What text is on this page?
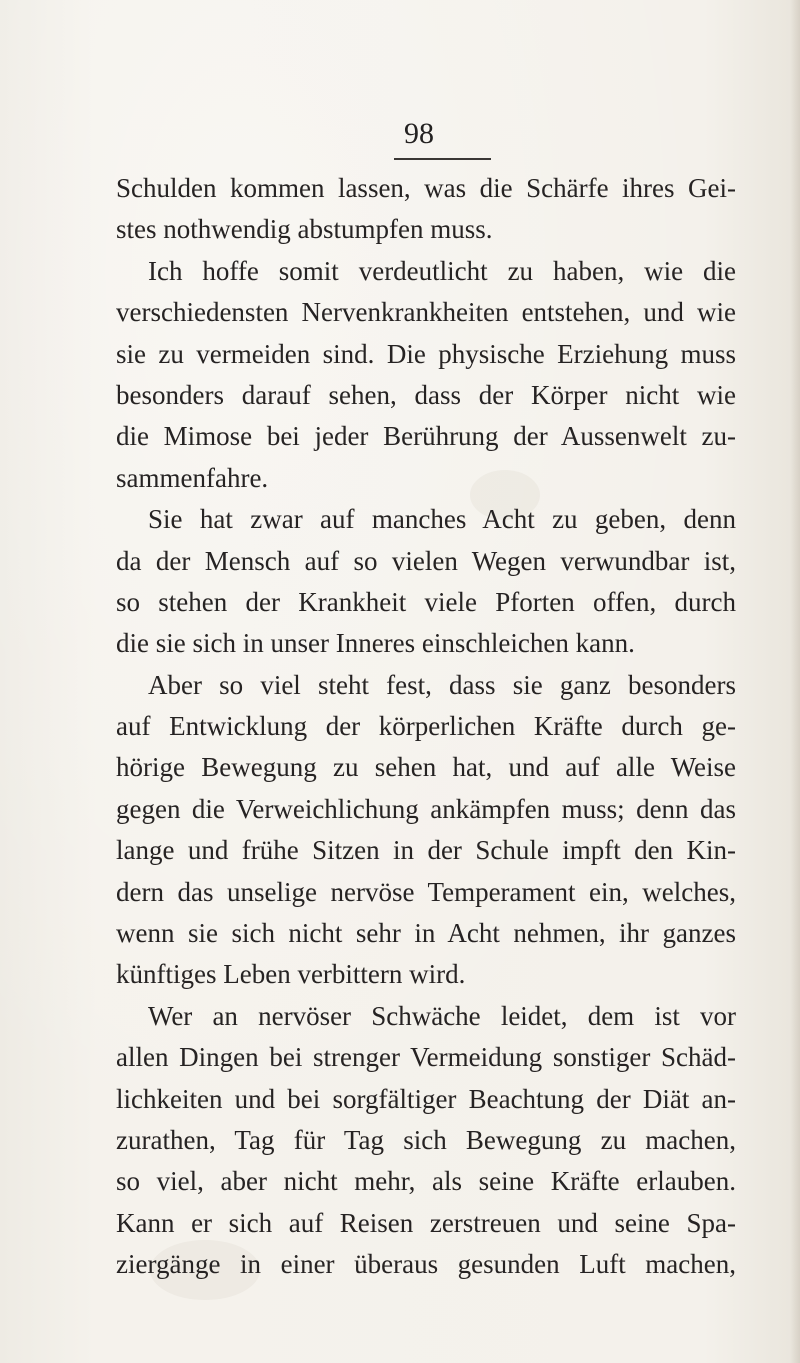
98
Schulden kommen lassen, was die Schärfe ihres Gei-
stes nothwendig abstumpfen muss.
Ich hoffe somit verdeutlicht zu haben, wie die
verschiedensten Nervenkrankheiten entstehen, und wie
sie zu vermeiden sind. Die physische Erziehung muss
besonders darauf sehen, dass der Körper nicht wie
die Mimose bei jeder Berührung der Aussenwelt zu-
sammenfahre.
Sie hat zwar auf manches Acht zu geben, denn
da der Mensch auf so vielen Wegen verwundbar ist,
so stehen der Krankheit viele Pforten offen, durch
die sie sich in unser Inneres einschleichen kann.
Aber so viel steht fest, dass sie ganz besonders
auf Entwicklung der körperlichen Kräfte durch ge-
hörige Bewegung zu sehen hat, und auf alle Weise
gegen die Verweichlichung ankämpfen muss; denn das
lange und frühe Sitzen in der Schule impft den Kin-
dern das unselige nervöse Temperament ein, welches,
wenn sie sich nicht sehr in Acht nehmen, ihr ganzes
künftiges Leben verbittern wird.
Wer an nervöser Schwäche leidet, dem ist vor
allen Dingen bei strenger Vermeidung sonstiger Schäd-
lichkeiten und bei sorgfältiger Beachtung der Diät an-
zurathen, Tag für Tag sich Bewegung zu machen,
so viel, aber nicht mehr, als seine Kräfte erlauben.
Kann er sich auf Reisen zerstreuen und seine Spa-
ziergänge in einer überaus gesunden Luft machen,
